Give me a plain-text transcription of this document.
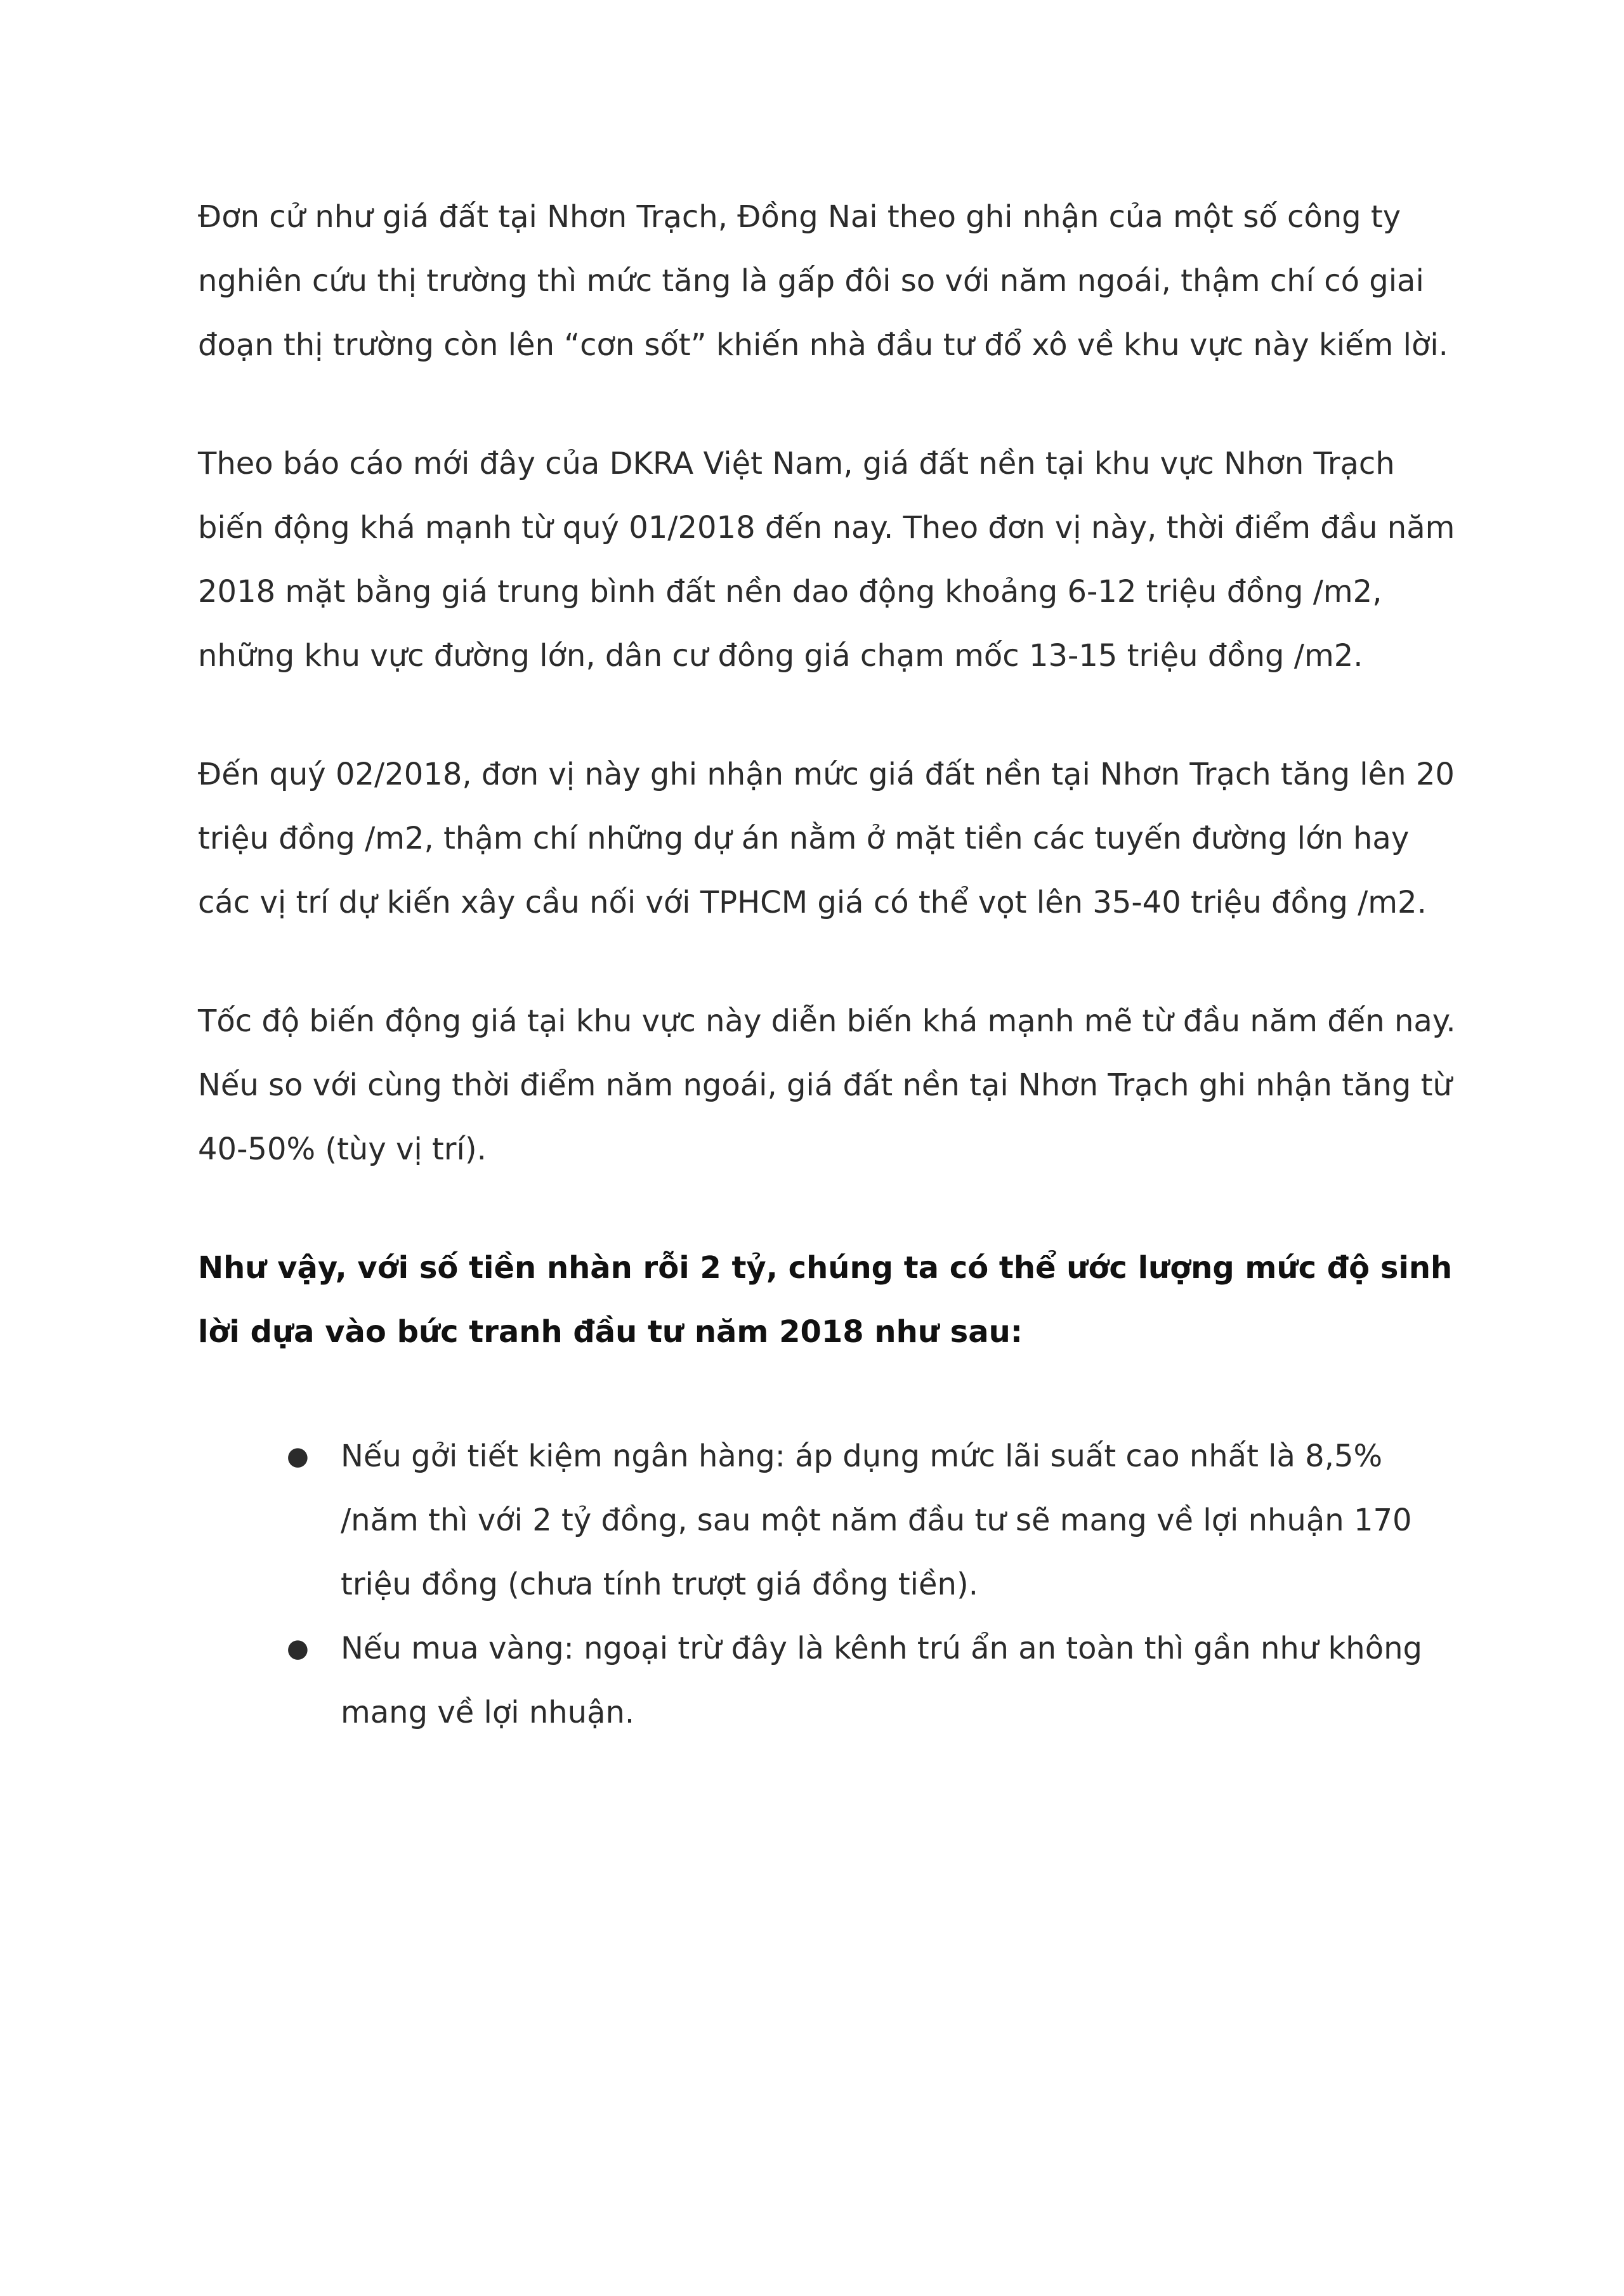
Đơn cử như giá đất tại Nhơn Trạch, Đồng Nai theo ghi nhận của một số công ty nghiên cứu thị trường thì mức tăng là gấp đôi so với năm ngoái, thậm chí có giai đoạn thị trường còn lên “cơn sốt” khiến nhà đầu tư đổ xô về khu vực này kiếm lời.

Theo báo cáo mới đây của DKRA Việt Nam, giá đất nền tại khu vực Nhơn Trạch biến động khá mạnh từ quý 01/2018 đến nay. Theo đơn vị này, thời điểm đầu năm 2018 mặt bằng giá trung bình đất nền dao động khoảng 6-12 triệu đồng /m2, những khu vực đường lớn, dân cư đông giá chạm mốc 13-15 triệu đồng /m2.

Đến quý 02/2018, đơn vị này ghi nhận mức giá đất nền tại Nhơn Trạch tăng lên 20 triệu đồng /m2, thậm chí những dự án nằm ở mặt tiền các tuyến đường lớn hay các vị trí dự kiến xây cầu nối với TPHCM giá có thể vọt lên 35-40 triệu đồng /m2.

Tốc độ biến động giá tại khu vực này diễn biến khá mạnh mẽ từ đầu năm đến nay. Nếu so với cùng thời điểm năm ngoái, giá đất nền tại Nhơn Trạch ghi nhận tăng từ 40-50% (tùy vị trí).

Như vậy, với số tiền nhàn rỗi 2 tỷ, chúng ta có thể ước lượng mức độ sinh lời dựa vào bức tranh đầu tư năm 2018 như sau:

● Nếu gởi tiết kiệm ngân hàng: áp dụng mức lãi suất cao nhất là 8,5% /năm thì với 2 tỷ đồng, sau một năm đầu tư sẽ mang về lợi nhuận 170 triệu đồng (chưa tính trượt giá đồng tiền).
● Nếu mua vàng: ngoại trừ đây là kênh trú ẩn an toàn thì gần như không mang về lợi nhuận.
